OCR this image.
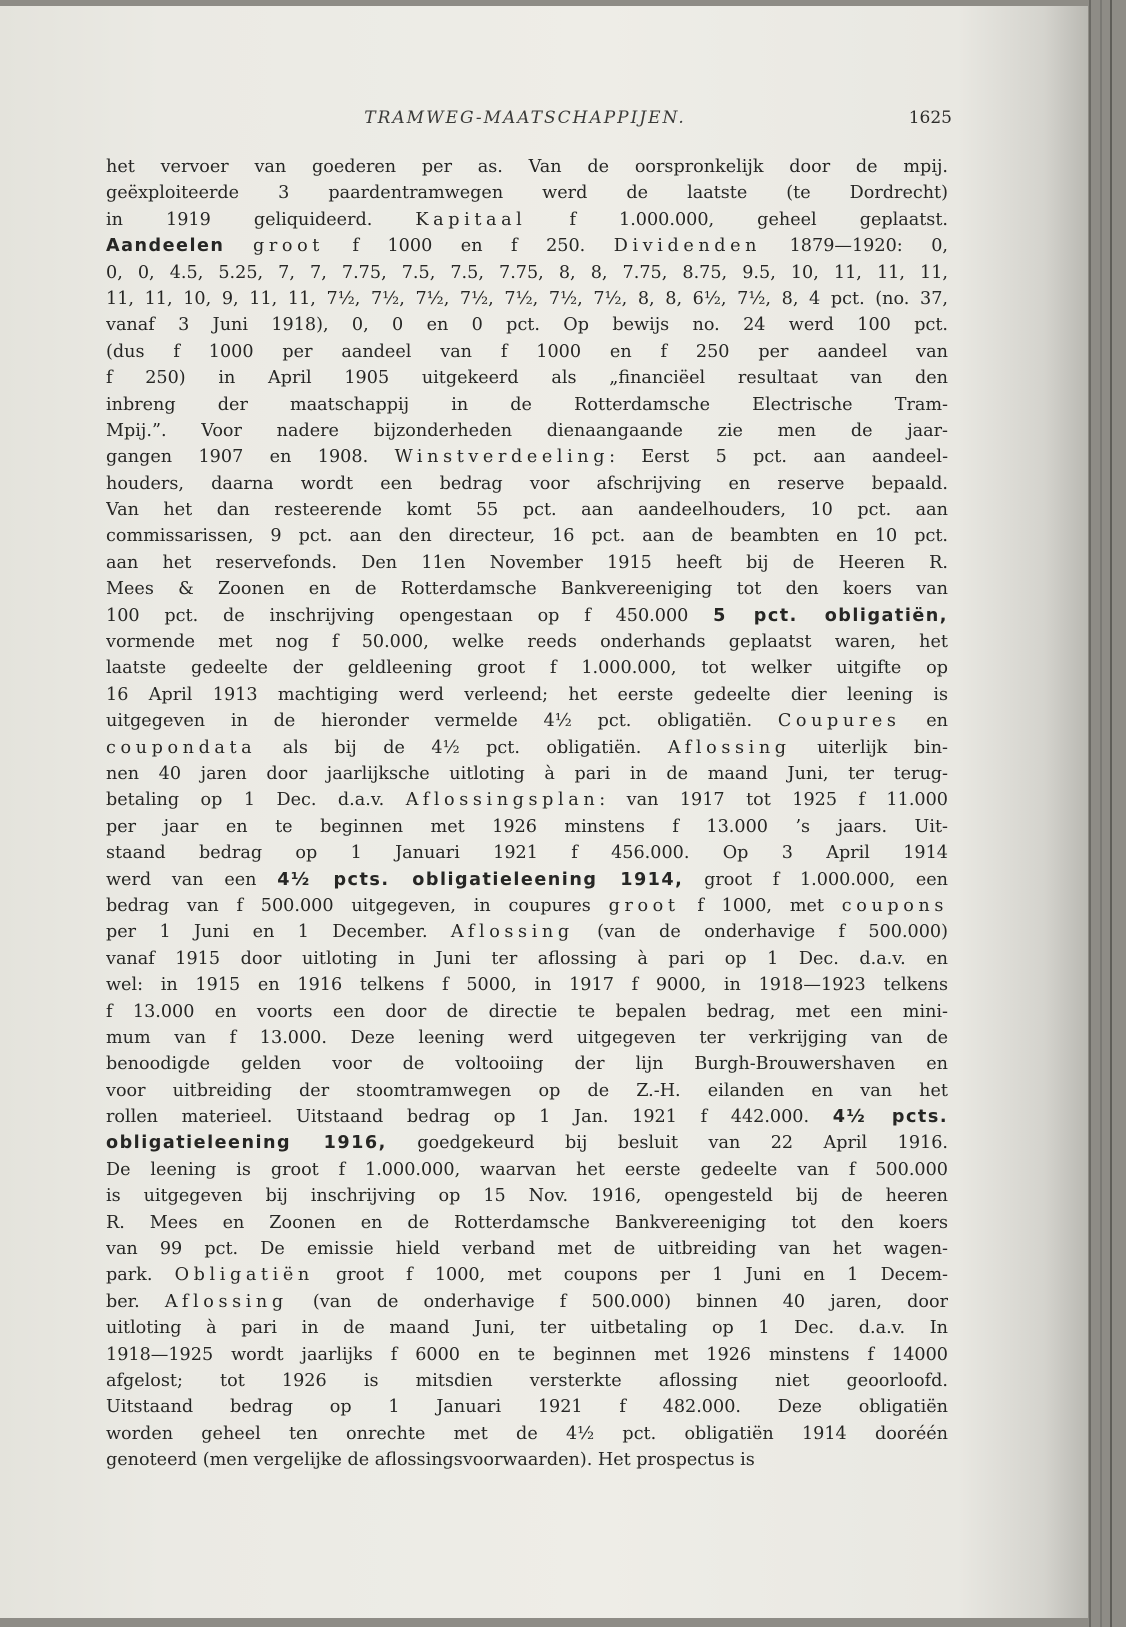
TRAMWEG-MAATSCHAPPIJEN.	1625
het vervoer van goederen per as. Van de oorspronkelijk door de mpij.
geëxploiteerde 3 paardentramwegen werd de laatste (te Dordrecht)
in 1919 geliquideerd. Kapitaal f 1.000.000, geheel geplaatst.
Aandeelen groot f 1000 en f 250. Dividenden 1879—1920: 0,
0, 0, 4.5, 5.25, 7, 7, 7.75, 7.5, 7.5, 7.75, 8, 8, 7.75, 8.75, 9.5, 10, 11, 11, 11,
11, 11, 10, 9, 11, 11, 7½, 7½, 7½, 7½, 7½, 7½, 7½, 8, 8, 6½, 7½, 8, 4 pct. (no. 37,
vanaf 3 Juni 1918), 0, 0 en 0 pct. Op bewijs no. 24 werd 100 pct.
(dus f 1000 per aandeel van f 1000 en f 250 per aandeel van
f 250) in April 1905 uitgekeerd als „financiëel resultaat van den
inbreng der maatschappij in de Rotterdamsche Electrische Tram-
Mpij.”. Voor nadere bijzonderheden dienaangaande zie men de jaar-
gangen 1907 en 1908. Winstverdeeling: Eerst 5 pct. aan aandeel-
houders, daarna wordt een bedrag voor afschrijving en reserve bepaald.
Van het dan resteerende komt 55 pct. aan aandeelhouders, 10 pct. aan
commissarissen, 9 pct. aan den directeur, 16 pct. aan de beambten en 10 pct.
aan het reservefonds. Den 11en November 1915 heeft bij de Heeren R.
Mees & Zoonen en de Rotterdamsche Bankvereeniging tot den koers van
100 pct. de inschrijving opengestaan op f 450.000 5 pct. obligatiën,
vormende met nog f 50.000, welke reeds onderhands geplaatst waren, het
laatste gedeelte der geldleening groot f 1.000.000, tot welker uitgifte op
16 April 1913 machtiging werd verleend; het eerste gedeelte dier leening is
uitgegeven in de hieronder vermelde 4½ pct. obligatiën. Coupures en
coupondata als bij de 4½ pct. obligatiën. Aflossing uiterlijk bin-
nen 40 jaren door jaarlijksche uitloting à pari in de maand Juni, ter terug-
betaling op 1 Dec. d.a.v. Aflossingsplan: van 1917 tot 1925 f 11.000
per jaar en te beginnen met 1926 minstens f 13.000 ’s jaars. Uit-
staand bedrag op 1 Januari 1921 f 456.000. Op 3 April 1914
werd van een 4½ pcts. obligatieleening 1914, groot f 1.000.000, een
bedrag van f 500.000 uitgegeven, in coupures groot f 1000, met coupons
per 1 Juni en 1 December. Aflossing (van de onderhavige f 500.000)
vanaf 1915 door uitloting in Juni ter aflossing à pari op 1 Dec. d.a.v. en
wel: in 1915 en 1916 telkens f 5000, in 1917 f 9000, in 1918—1923 telkens
f 13.000 en voorts een door de directie te bepalen bedrag, met een mini-
mum van f 13.000. Deze leening werd uitgegeven ter verkrijging van de
benoodigde gelden voor de voltooiing der lijn Burgh-Brouwershaven en
voor uitbreiding der stoomtramwegen op de Z.-H. eilanden en van het
rollen materieel. Uitstaand bedrag op 1 Jan. 1921 f 442.000. 4½ pcts.
obligatieleening 1916, goedgekeurd bij besluit van 22 April 1916.
De leening is groot f 1.000.000, waarvan het eerste gedeelte van f 500.000
is uitgegeven bij inschrijving op 15 Nov. 1916, opengesteld bij de heeren
R. Mees en Zoonen en de Rotterdamsche Bankvereeniging tot den koers
van 99 pct. De emissie hield verband met de uitbreiding van het wagen-
park. Obligatiën groot f 1000, met coupons per 1 Juni en 1 Decem-
ber. Aflossing (van de onderhavige f 500.000) binnen 40 jaren, door
uitloting à pari in de maand Juni, ter uitbetaling op 1 Dec. d.a.v. In
1918—1925 wordt jaarlijks f 6000 en te beginnen met 1926 minstens f 14000
afgelost; tot 1926 is mitsdien versterkte aflossing niet geoorloofd.
Uitstaand bedrag op 1 Januari 1921 f 482.000. Deze obligatiën
worden geheel ten onrechte met de 4½ pct. obligatiën 1914 dooréén
genoteerd (men vergelijke de aflossingsvoorwaarden). Het prospectus is
